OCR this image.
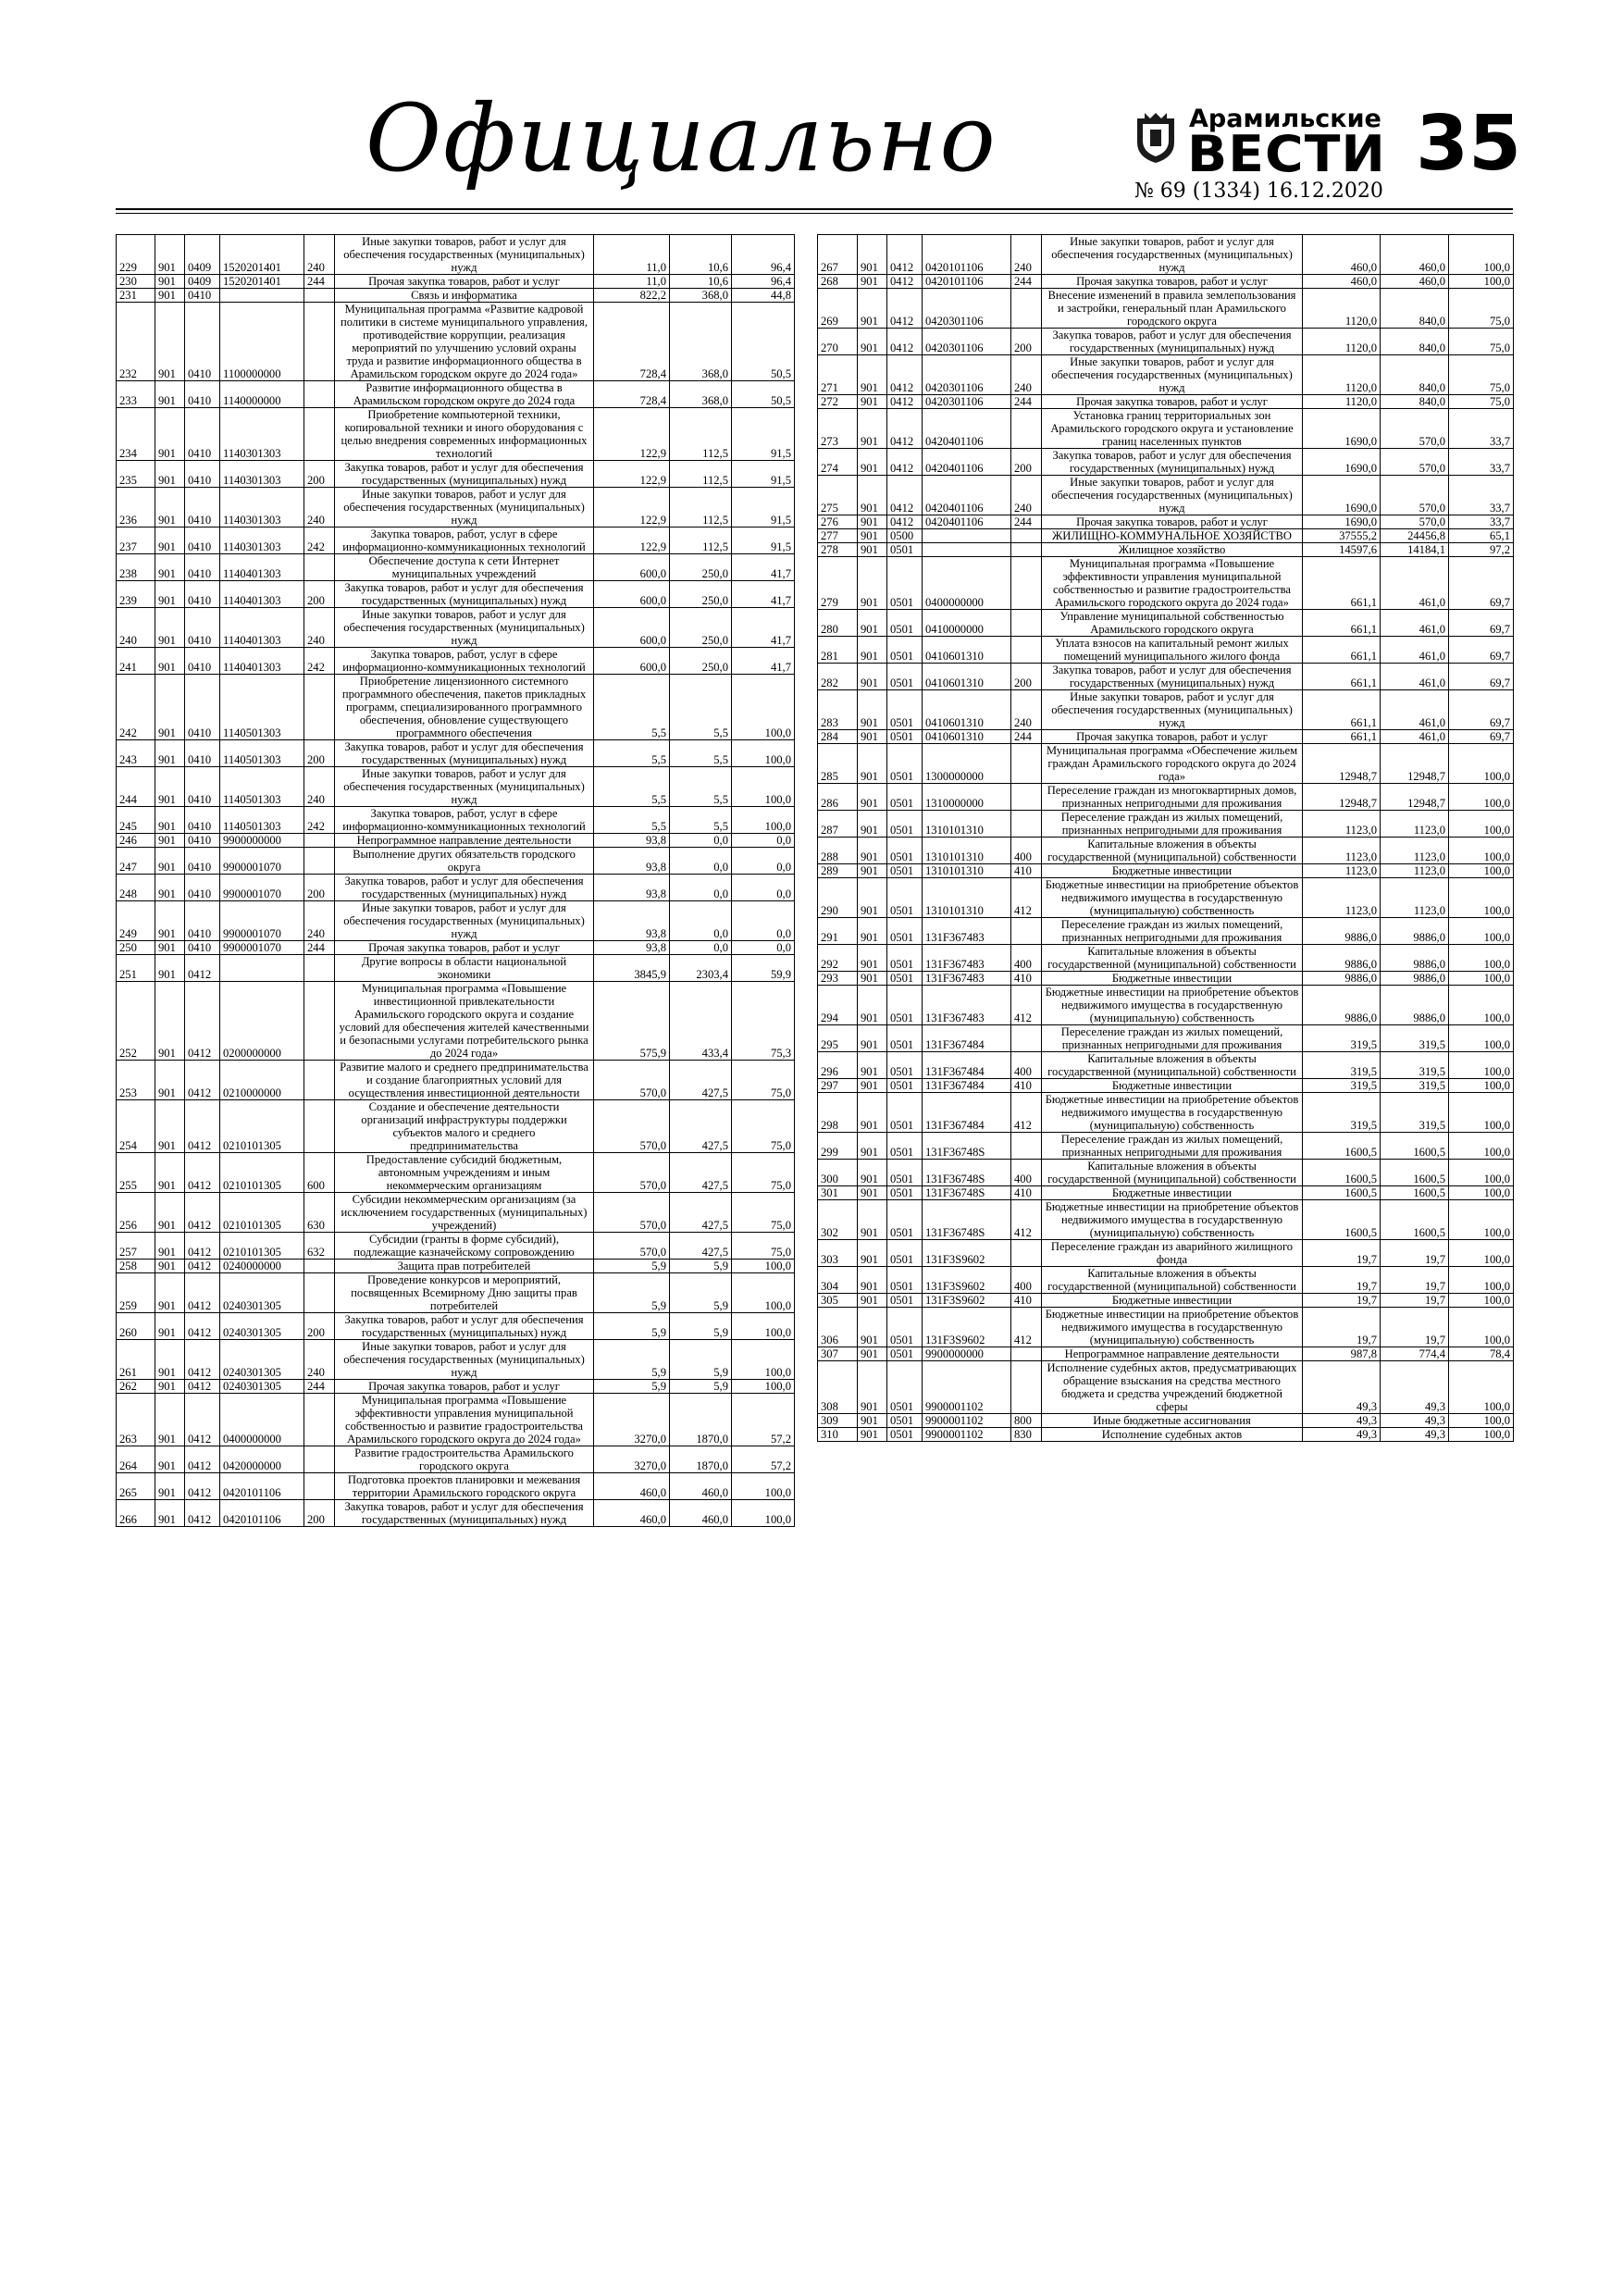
Официально	Арамильские
ВЕСТИ
№ 69 (1334) 16.12.2020
35
229	901	0409	1520201401	240	Иные закупки товаров, работ и услуг для обеспечения государственных (муниципальных) нужд	11,0	10,6	96,4
230	901	0409	1520201401	244	Прочая закупка товаров, работ и услуг	11,0	10,6	96,4
231	901	0410			Связь и информатика	822,2	368,0	44,8
232	901	0410	1100000000		Муниципальная программа «Развитие кадровой политики в системе муниципального управления, противодействие коррупции, реализация мероприятий по улучшению условий охраны труда и развитие информационного общества в Арамильском городском округе до 2024 года»	728,4	368,0	50,5
233	901	0410	1140000000		Развитие информационного общества в Арамильском городском округе до 2024 года	728,4	368,0	50,5
234	901	0410	1140301303		Приобретение компьютерной техники, копировальной техники и иного оборудования с целью внедрения современных информационных технологий	122,9	112,5	91,5
235	901	0410	1140301303	200	Закупка товаров, работ и услуг для обеспечения государственных (муниципальных) нужд	122,9	112,5	91,5
236	901	0410	1140301303	240	Иные закупки товаров, работ и услуг для обеспечения государственных (муниципальных) нужд	122,9	112,5	91,5
237	901	0410	1140301303	242	Закупка товаров, работ, услуг в сфере информационно-коммуникационных технологий	122,9	112,5	91,5
238	901	0410	1140401303		Обеспечение доступа к сети Интернет муниципальных учреждений	600,0	250,0	41,7
239	901	0410	1140401303	200	Закупка товаров, работ и услуг для обеспечения государственных (муниципальных) нужд	600,0	250,0	41,7
240	901	0410	1140401303	240	Иные закупки товаров, работ и услуг для обеспечения государственных (муниципальных) нужд	600,0	250,0	41,7
241	901	0410	1140401303	242	Закупка товаров, работ, услуг в сфере информационно-коммуникационных технологий	600,0	250,0	41,7
242	901	0410	1140501303		Приобретение лицензионного системного программного обеспечения, пакетов прикладных программ, специализированного программного обеспечения, обновление существующего программного обеспечения	5,5	5,5	100,0
243	901	0410	1140501303	200	Закупка товаров, работ и услуг для обеспечения государственных (муниципальных) нужд	5,5	5,5	100,0
244	901	0410	1140501303	240	Иные закупки товаров, работ и услуг для обеспечения государственных (муниципальных) нужд	5,5	5,5	100,0
245	901	0410	1140501303	242	Закупка товаров, работ, услуг в сфере информационно-коммуникационных технологий	5,5	5,5	100,0
246	901	0410	9900000000		Непрограммное направление деятельности	93,8	0,0	0,0
247	901	0410	9900001070		Выполнение других обязательств городского округа	93,8	0,0	0,0
248	901	0410	9900001070	200	Закупка товаров, работ и услуг для обеспечения государственных (муниципальных) нужд	93,8	0,0	0,0
249	901	0410	9900001070	240	Иные закупки товаров, работ и услуг для обеспечения государственных (муниципальных) нужд	93,8	0,0	0,0
250	901	0410	9900001070	244	Прочая закупка товаров, работ и услуг	93,8	0,0	0,0
251	901	0412			Другие вопросы в области национальной экономики	3845,9	2303,4	59,9
252	901	0412	0200000000		Муниципальная программа «Повышение инвестиционной привлекательности Арамильского городского округа и создание условий для обеспечения жителей качественными и безопасными услугами потребительского рынка до 2024 года»	575,9	433,4	75,3
253	901	0412	0210000000		Развитие малого и среднего предпринимательства и создание благоприятных условий для осуществления инвестиционной деятельности	570,0	427,5	75,0
254	901	0412	0210101305		Создание и обеспечение деятельности организаций инфраструктуры поддержки субъектов малого и среднего предпринимательства	570,0	427,5	75,0
255	901	0412	0210101305	600	Предоставление субсидий бюджетным, автономным учреждениям и иным некоммерческим организациям	570,0	427,5	75,0
256	901	0412	0210101305	630	Субсидии некоммерческим организациям (за исключением государственных (муниципальных) учреждений)	570,0	427,5	75,0
257	901	0412	0210101305	632	Субсидии (гранты в форме субсидий), подлежащие казначейскому сопровождению	570,0	427,5	75,0
258	901	0412	0240000000		Защита прав потребителей	5,9	5,9	100,0
259	901	0412	0240301305		Проведение конкурсов и мероприятий, посвященных Всемирному Дню защиты прав потребителей	5,9	5,9	100,0
260	901	0412	0240301305	200	Закупка товаров, работ и услуг для обеспечения государственных (муниципальных) нужд	5,9	5,9	100,0
261	901	0412	0240301305	240	Иные закупки товаров, работ и услуг для обеспечения государственных (муниципальных) нужд	5,9	5,9	100,0
262	901	0412	0240301305	244	Прочая закупка товаров, работ и услуг	5,9	5,9	100,0
263	901	0412	0400000000		Муниципальная программа «Повышение эффективности управления муниципальной собственностью и развитие градостроительства Арамильского городского округа до 2024 года»	3270,0	1870,0	57,2
264	901	0412	0420000000		Развитие градостроительства Арамильского городского округа	3270,0	1870,0	57,2
265	901	0412	0420101106		Подготовка проектов планировки и межевания территории Арамильского городского округа	460,0	460,0	100,0
266	901	0412	0420101106	200	Закупка товаров, работ и услуг для обеспечения государственных (муниципальных) нужд	460,0	460,0	100,0
267	901	0412	0420101106	240	Иные закупки товаров, работ и услуг для обеспечения государственных (муниципальных) нужд	460,0	460,0	100,0
268	901	0412	0420101106	244	Прочая закупка товаров, работ и услуг	460,0	460,0	100,0
269	901	0412	0420301106		Внесение изменений в правила землепользования и застройки, генеральный план Арамильского городского округа	1120,0	840,0	75,0
270	901	0412	0420301106	200	Закупка товаров, работ и услуг для обеспечения государственных (муниципальных) нужд	1120,0	840,0	75,0
271	901	0412	0420301106	240	Иные закупки товаров, работ и услуг для обеспечения государственных (муниципальных) нужд	1120,0	840,0	75,0
272	901	0412	0420301106	244	Прочая закупка товаров, работ и услуг	1120,0	840,0	75,0
273	901	0412	0420401106		Установка границ территориальных зон Арамильского городского округа и установление границ населенных пунктов	1690,0	570,0	33,7
274	901	0412	0420401106	200	Закупка товаров, работ и услуг для обеспечения государственных (муниципальных) нужд	1690,0	570,0	33,7
275	901	0412	0420401106	240	Иные закупки товаров, работ и услуг для обеспечения государственных (муниципальных) нужд	1690,0	570,0	33,7
276	901	0412	0420401106	244	Прочая закупка товаров, работ и услуг	1690,0	570,0	33,7
277	901	0500			ЖИЛИЩНО-КОММУНАЛЬНОЕ ХОЗЯЙСТВО	37555,2	24456,8	65,1
278	901	0501			Жилищное хозяйство	14597,6	14184,1	97,2
279	901	0501	0400000000		Муниципальная программа «Повышение эффективности управления муниципальной собственностью и развитие градостроительства Арамильского городского округа до 2024 года»	661,1	461,0	69,7
280	901	0501	0410000000		Управление муниципальной собственностью Арамильского городского округа	661,1	461,0	69,7
281	901	0501	0410601310		Уплата взносов на капитальный ремонт жилых помещений муниципального жилого фонда	661,1	461,0	69,7
282	901	0501	0410601310	200	Закупка товаров, работ и услуг для обеспечения государственных (муниципальных) нужд	661,1	461,0	69,7
283	901	0501	0410601310	240	Иные закупки товаров, работ и услуг для обеспечения государственных (муниципальных) нужд	661,1	461,0	69,7
284	901	0501	0410601310	244	Прочая закупка товаров, работ и услуг	661,1	461,0	69,7
285	901	0501	1300000000		Муниципальная программа «Обеспечение жильем граждан Арамильского городского округа до 2024 года»	12948,7	12948,7	100,0
286	901	0501	1310000000		Переселение граждан из многоквартирных домов, признанных непригодными для проживания	12948,7	12948,7	100,0
287	901	0501	1310101310		Переселение граждан из жилых помещений, признанных непригодными для проживания	1123,0	1123,0	100,0
288	901	0501	1310101310	400	Капитальные вложения в объекты государственной (муниципальной) собственности	1123,0	1123,0	100,0
289	901	0501	1310101310	410	Бюджетные инвестиции	1123,0	1123,0	100,0
290	901	0501	1310101310	412	Бюджетные инвестиции на приобретение объектов недвижимого имущества в государственную (муниципальную) собственность	1123,0	1123,0	100,0
291	901	0501	131F367483		Переселение граждан из жилых помещений, признанных непригодными для проживания	9886,0	9886,0	100,0
292	901	0501	131F367483	400	Капитальные вложения в объекты государственной (муниципальной) собственности	9886,0	9886,0	100,0
293	901	0501	131F367483	410	Бюджетные инвестиции	9886,0	9886,0	100,0
294	901	0501	131F367483	412	Бюджетные инвестиции на приобретение объектов недвижимого имущества в государственную (муниципальную) собственность	9886,0	9886,0	100,0
295	901	0501	131F367484		Переселение граждан из жилых помещений, признанных непригодными для проживания	319,5	319,5	100,0
296	901	0501	131F367484	400	Капитальные вложения в объекты государственной (муниципальной) собственности	319,5	319,5	100,0
297	901	0501	131F367484	410	Бюджетные инвестиции	319,5	319,5	100,0
298	901	0501	131F367484	412	Бюджетные инвестиции на приобретение объектов недвижимого имущества в государственную (муниципальную) собственность	319,5	319,5	100,0
299	901	0501	131F36748S		Переселение граждан из жилых помещений, признанных непригодными для проживания	1600,5	1600,5	100,0
300	901	0501	131F36748S	400	Капитальные вложения в объекты государственной (муниципальной) собственности	1600,5	1600,5	100,0
301	901	0501	131F36748S	410	Бюджетные инвестиции	1600,5	1600,5	100,0
302	901	0501	131F36748S	412	Бюджетные инвестиции на приобретение объектов недвижимого имущества в государственную (муниципальную) собственность	1600,5	1600,5	100,0
303	901	0501	131F3S9602		Переселение граждан из аварийного жилищного фонда	19,7	19,7	100,0
304	901	0501	131F3S9602	400	Капитальные вложения в объекты государственной (муниципальной) собственности	19,7	19,7	100,0
305	901	0501	131F3S9602	410	Бюджетные инвестиции	19,7	19,7	100,0
306	901	0501	131F3S9602	412	Бюджетные инвестиции на приобретение объектов недвижимого имущества в государственную (муниципальную) собственность	19,7	19,7	100,0
307	901	0501	9900000000		Непрограммное направление деятельности	987,8	774,4	78,4
308	901	0501	9900001102		Исполнение судебных актов, предусматривающих обращение взыскания на средства местного бюджета и средства учреждений бюджетной сферы	49,3	49,3	100,0
309	901	0501	9900001102	800	Иные бюджетные ассигнования	49,3	49,3	100,0
310	901	0501	9900001102	830	Исполнение судебных актов	49,3	49,3	100,0
